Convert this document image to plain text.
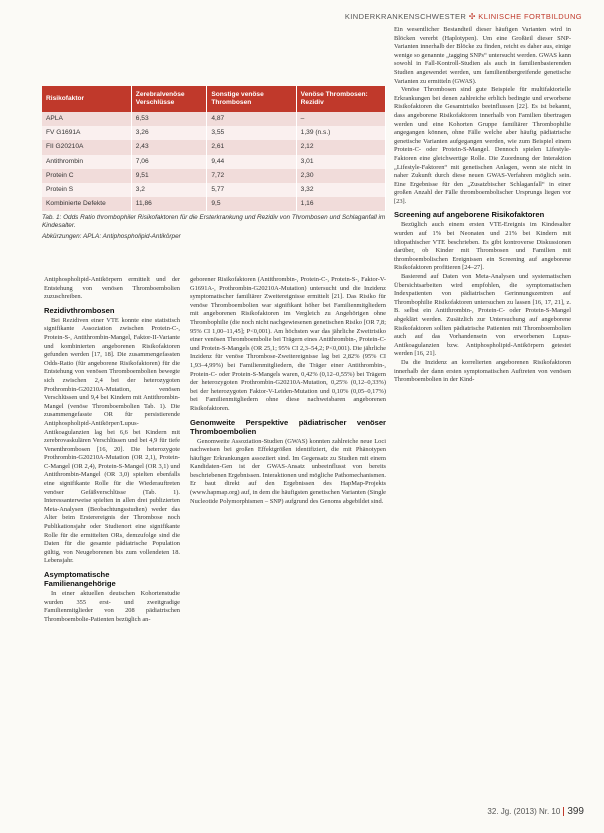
KINDERKRANKENSCHWESTER ✣ KLINISCHE FORTBILDUNG
Risikofaktor	Zerebralvenöse Verschlüsse	Sonstige venöse Thrombosen	Venöse Thrombosen: Rezidiv
APLA	6,53	4,87	–
FV G1691A	3,26	3,55	1,39 (n.s.)
FII G20210A	2,43	2,61	2,12
Antithrombin	7,06	9,44	3,01
Protein C	9,51	7,72	2,30
Protein S	3,2	5,77	3,32
Kombinierte Defekte	11,86	9,5	1,16
Tab. 1: Odds Ratio thrombophiler Risikofaktoren für die Ersterkrankung und Rezidiv von Thrombosen und Schlaganfall im Kindesalter.
Abkürzungen: APLA: Antiphospholipid-Antikörper

Antiphospholipid-Antikörpern ermittelt und der Entstehung von venösen Thromboembolien zuzuschreiben.

Rezidivthrombosen

Bei Rezidiven einer VTE konnte eine statistisch signifikante Assoziation zwischen Protein-C-, Protein-S-, Antithrombin-Mangel, Faktor-II-Variante und kombinierten angeborenen Risikofaktoren gefunden werden [17, 18]. Die zusammengefassten Odds-Ratio (für angeborene Risikofaktoren) für die Entstehung von venösen Thromboembolien bewegte sich zwischen 2,4 bei der heterozygoten Prothrombin-G20210A-Mutation, venösen Verschlüssen und 9,4 bei Kindern mit Antithrombin-Mangel (venöse Thromboembolien Tab. 1). Die zusammengefasste OR für persistierende Antiphospholipid-Antikörper/Lupus-Antikoagulanzien lag bei 6,6 bei Kindern mit zerebrovaskulären Verschlüssen und bei 4,9 für tiefe Venenthrombosen [16, 20]. Die heterozygote Prothrombin-G20210A-Mutation (OR 2,1), Protein-C-Mangel (OR 2,4), Protein-S-Mangel (OR 3,1) und Antithrombin-Mangel (OR 3,0) spielten ebenfalls eine signifikante Rolle für die Wiederauftreten venöser Gefäßverschlüsse (Tab. 1). Interessanterweise spielten in allen drei publizierten Meta-Analysen (Beobachtungsstudien) weder das Alter beim Ersterereignis der Thrombose noch Publikationsjahr oder Studienort eine signifikante Rolle für die ermittelten ORs, demzufolge sind die Daten für die gesamte pädiatrische Population gültig, von Neugeborenen bis zum vollendeten 18. Lebensjahr.

Asymptomatische Familienangehörige

In einer aktuellen deutschen Kohortenstudie wurden 355 erst- und zweitgradige Familienmitglieder von 208 pädiatrischen Thromboembolie-Patienten bezüglich an-

geborener Risikofaktoren (Antithrombin-, Protein-C-, Protein-S-, Faktor-V-G1691A-, Prothrombin-G20210A-Mutation) untersucht und die Inzidenz symptomatischer familiärer Zweitereignisse ermittelt [21]. Das Risiko für venöse Thromboembolien war signifikant höher bei Familienmitgliedern mit angeborenen Risikofaktoren im Vergleich zu Angehörigen ohne Thrombophilie (die noch nicht nachgewiesenen genetischen Risiko [OR 7,8; 95% CI 1,00–11,45]; P<0,001). Am höchsten war das jährliche Zweitrisiko einer venösen Thromboembolie bei Trägern eines Antithrombin-, Protein-C- und Protein-S-Mangels (OR 25,1; 95% CI 2,3–54,2; P<0,001). Die jährliche Inzidenz für venöse Thrombose-Zweitereignisse lag bei 2,82% (95% CI 1,93–4,99%) bei Familienmitgliedern, die Träger einer Antithrombin-, Protein-C- oder Protein-S-Mangels waren, 0,42% (0,12–0,55%) bei Trägern der heterozygoten Prothrombin-G20210A-Mutation, 0,25% (0,12–0,33%) bei der heterozygoten Faktor-V-Leiden-Mutation und 0,10% (0,05–0,17%) bei Familienmitgliedern ohne diese nachweisbaren angeborenen Risikofaktoren.

Genomweite Perspektive pädiatrischer venöser Thromboembolien

Genomweite Assoziation-Studien (GWAS) konnten zahlreiche neue Loci nachweisen bei großen Effektgrößen identifiziert, die mit Phänotypen häufiger Erkrankungen assoziiert sind. Im Gegensatz zu Studien mit einem Kandidaten-Gen ist der GWAS-Ansatz unbeeinflusst von bereits beschriebenen Ergebnissen. Interaktionen und mögliche Pathomechanismen. Er baut direkt auf den Ergebnissen des HapMap-Projekts (www.hapmap.org) auf, in dem die häufigsten genetischen Varianten (Single Nucleotide Polymorphismen – SNP) aufgrund des Genoms abgebildet sind.

Ein wesentlicher Bestandteil dieser häufigen Varianten wird in Blöcken vererbt (Haplotypen). Um eine Großteil dieser SNP-Varianten innerhalb der Blöcke zu finden, reicht es daher aus, einige wenige so genannte „tagging SNPs“ untersucht werden. GWAS kann sowohl in Fall-Kontroll-Studien als auch in familienbasierenden Studien angewendet werden, um familienübergreifende genetische Varianten zu ermitteln (GWAS).

Venöse Thrombosen sind gute Beispiele für multifaktorielle Erkrankungen bei denen zahlreiche erblich bedingte und erworbene Risikofaktoren die Gesamtrisiko beeinflussen [22]. Es ist bekannt, dass angeborene Risikofaktoren innerhalb von Familien übertragen werden und eine Kohorten Gruppe familiärer Thrombophilie angegangen können, ohne Fälle welche aber häufig pädiatrische genetische Varianten aufgegangen werden, wie zum Beispiel einem Protein-C- oder Protein-S-Mangel. Dennoch spielen Lifestyle-Faktoren eine gleichwertige Rolle. Die Zuordnung der Interaktion „Lifestyle-Faktoren“ mit genetischen Anlagen, wenn sie nicht in naher Zukunft durch diese neuen GWAS-Verfahren möglich sein. Eine Ergebnisse für den „Zusatzbischer Schlaganfall“ in einer großen Anzahl der Fälle thromboembolischer Ursprungs liegen vor [23].

Screening auf angeborene Risikofaktoren

Bezüglich auch einem ersten VTE-Ereignis im Kindesalter wurden auf 1% bei Neonaten und 21% bei Kindern mit idiopathischer VTE beschrieben. Es gibt kontroverse Diskussionen darüber, ob Kinder mit Thrombosen und Familien mit thromboembolischen Ereignissen ein Screening auf angeborene Risikofaktoren profitieren [24–27].

Basierend auf Daten von Meta-Analysen und systematischen Übersichtsarbeiten wird empfohlen, die symptomatischen Indexpatienten von pädiatrischen Gerinnungszentren auf Thrombophilie Risikofaktoren untersuchen zu lassen [16, 17, 21], z. B. selbst ein Antithrombin-, Protein-C- oder Protein-S-Mangel abgeklärt werden. Zusätzlich zur Untersuchung auf angeborene Risikofaktoren sollten pädiatrische Patienten mit Thromboembolien auch auf das Vorhandensein von erworbenen Lupus-Antikoagulanzien bzw. Antiphospholipid-Antikörpern getestet werden [16, 21].

Da die Inzidenz an korrelierten angeborenen Risikofaktoren innerhalb der dann ersten symptomatischen Auftreten von venösen Thromboembolien in der Kind-

32. Jg. (2013) Nr. 10 399
